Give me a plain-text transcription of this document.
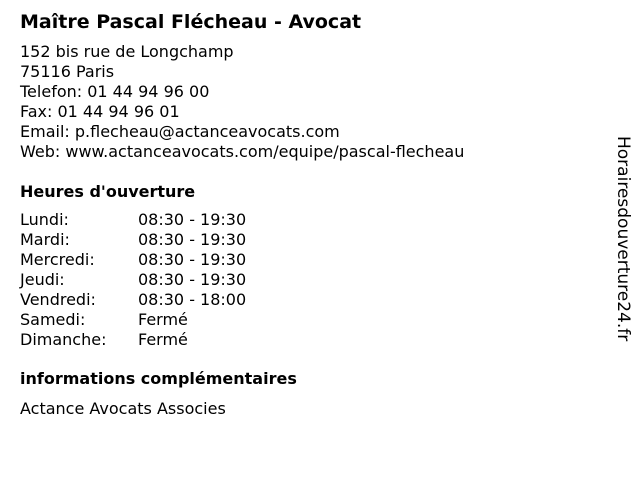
Maître Pascal Flécheau - Avocat
152 bis rue de Longchamp
75116 Paris
Telefon: 01 44 94 96 00
Fax: 01 44 94 96 01
Email: p.flecheau@actanceavocats.com
Web: www.actanceavocats.com/equipe/pascal-flecheau
Heures d'ouverture
Lundi:	08:30 - 19:30
Mardi:	08:30 - 19:30
Mercredi:	08:30 - 19:30
Jeudi:	08:30 - 19:30
Vendredi:	08:30 - 18:00
Samedi:	Fermé
Dimanche:	Fermé
informations complémentaires
Actance Avocats Associes
Horairesdouverture24.fr
